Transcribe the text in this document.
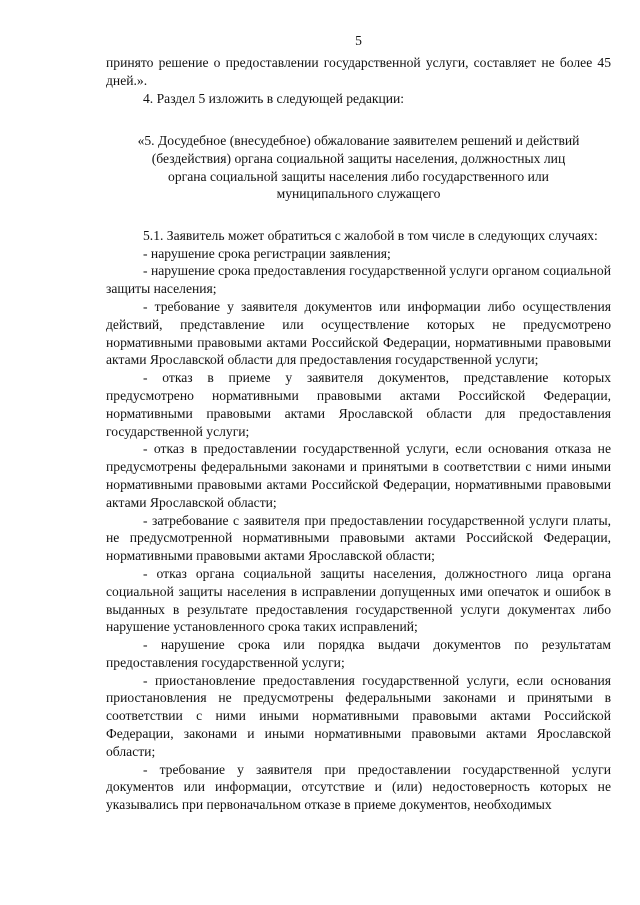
5

принято решение о предоставлении государственной услуги, составляет не более 45 дней.».

4. Раздел 5 изложить в следующей редакции:

«5. Досудебное (внесудебное) обжалование заявителем решений и действий
(бездействия) органа социальной защиты населения, должностных лиц
органа социальной защиты населения либо государственного или
муниципального служащего

5.1. Заявитель может обратиться с жалобой в том числе в следующих случаях:

- нарушение срока регистрации заявления;

- нарушение срока предоставления государственной услуги органом социальной защиты населения;

- требование у заявителя документов или информации либо осуществления действий, представление или осуществление которых не предусмотрено нормативными правовыми актами Российской Федерации, нормативными правовыми актами Ярославской области для предоставления государственной услуги;

- отказ в приеме у заявителя документов, представление которых предусмотрено нормативными правовыми актами Российской Федерации, нормативными правовыми актами Ярославской области для предоставления государственной услуги;

- отказ в предоставлении государственной услуги, если основания отказа не предусмотрены федеральными законами и принятыми в соответствии с ними иными нормативными правовыми актами Российской Федерации, нормативными правовыми актами Ярославской области;

- затребование с заявителя при предоставлении государственной услуги платы, не предусмотренной нормативными правовыми актами Российской Федерации, нормативными правовыми актами Ярославской области;

- отказ органа социальной защиты населения, должностного лица органа социальной защиты населения в исправлении допущенных ими опечаток и ошибок в выданных в результате предоставления государственной услуги документах либо нарушение установленного срока таких исправлений;

- нарушение срока или порядка выдачи документов по результатам предоставления государственной услуги;

- приостановление предоставления государственной услуги, если основания приостановления не предусмотрены федеральными законами и принятыми в соответствии с ними иными нормативными правовыми актами Российской Федерации, законами и иными нормативными правовыми актами Ярославской области;

- требование у заявителя при предоставлении государственной услуги документов или информации, отсутствие и (или) недостоверность которых не указывались при первоначальном отказе в приеме документов, необходимых
